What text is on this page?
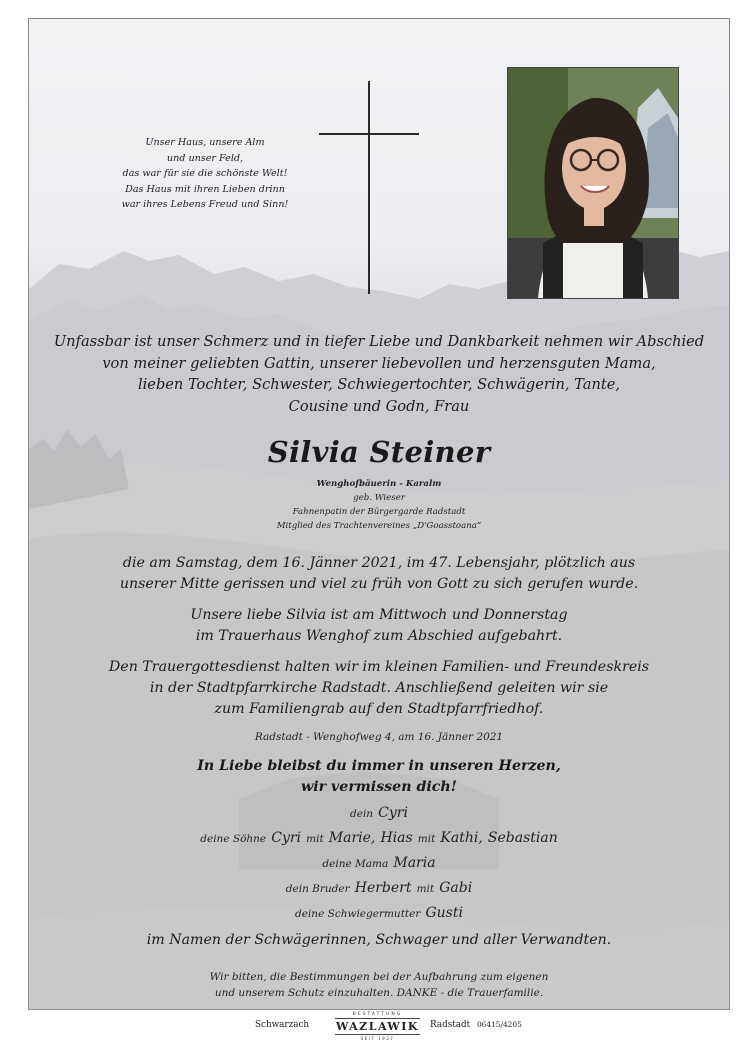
Unser Haus, unsere Alm
und unser Feld,
das war für sie die schönste Welt!
Das Haus mit ihren Lieben drinn
war ihres Lebens Freud und Sinn!
Unfassbar ist unser Schmerz und in tiefer Liebe und Dankbarkeit nehmen wir Abschied
von meiner geliebten Gattin, unserer liebevollen und herzensguten Mama,
lieben Tochter, Schwester, Schwiegertochter, Schwägerin, Tante,
Cousine und Godn, Frau
Silvia Steiner
Wenghofbäuerin - Karalm
geb. Wieser
Fahnenpatin der Bürgergarde Radstadt
Mitglied des Trachtenvereines „D'Goasstoana”
die am Samstag, dem 16. Jänner 2021, im 47. Lebensjahr, plötzlich aus
unserer Mitte gerissen und viel zu früh von Gott zu sich gerufen wurde.
Unsere liebe Silvia ist am Mittwoch und Donnerstag
im Trauerhaus Wenghof zum Abschied aufgebahrt.
Den Trauergottesdienst halten wir im kleinen Familien- und Freundeskreis
in der Stadtpfarrkirche Radstadt. Anschließend geleiten wir sie
zum Familiengrab auf den Stadtpfarrfriedhof.
Radstadt - Wenghofweg 4, am 16. Jänner 2021
In Liebe bleibst du immer in unseren Herzen,
wir vermissen dich!
dein Cyri
deine Söhne Cyri mit Marie, Hias mit Kathi, Sebastian
deine Mama Maria
dein Bruder Herbert mit Gabi
deine Schwiegermutter Gusti
im Namen der Schwägerinnen, Schwager und aller Verwandten.
Wir bitten, die Bestimmungen bei der Aufbahrung zum eigenen
und unserem Schutz einzuhalten. DANKE - die Trauerfamilie.
Schwarzach
BESTATTUNG
WAZLAWIK
SEIT 1927
Radstadt 06415/4205
